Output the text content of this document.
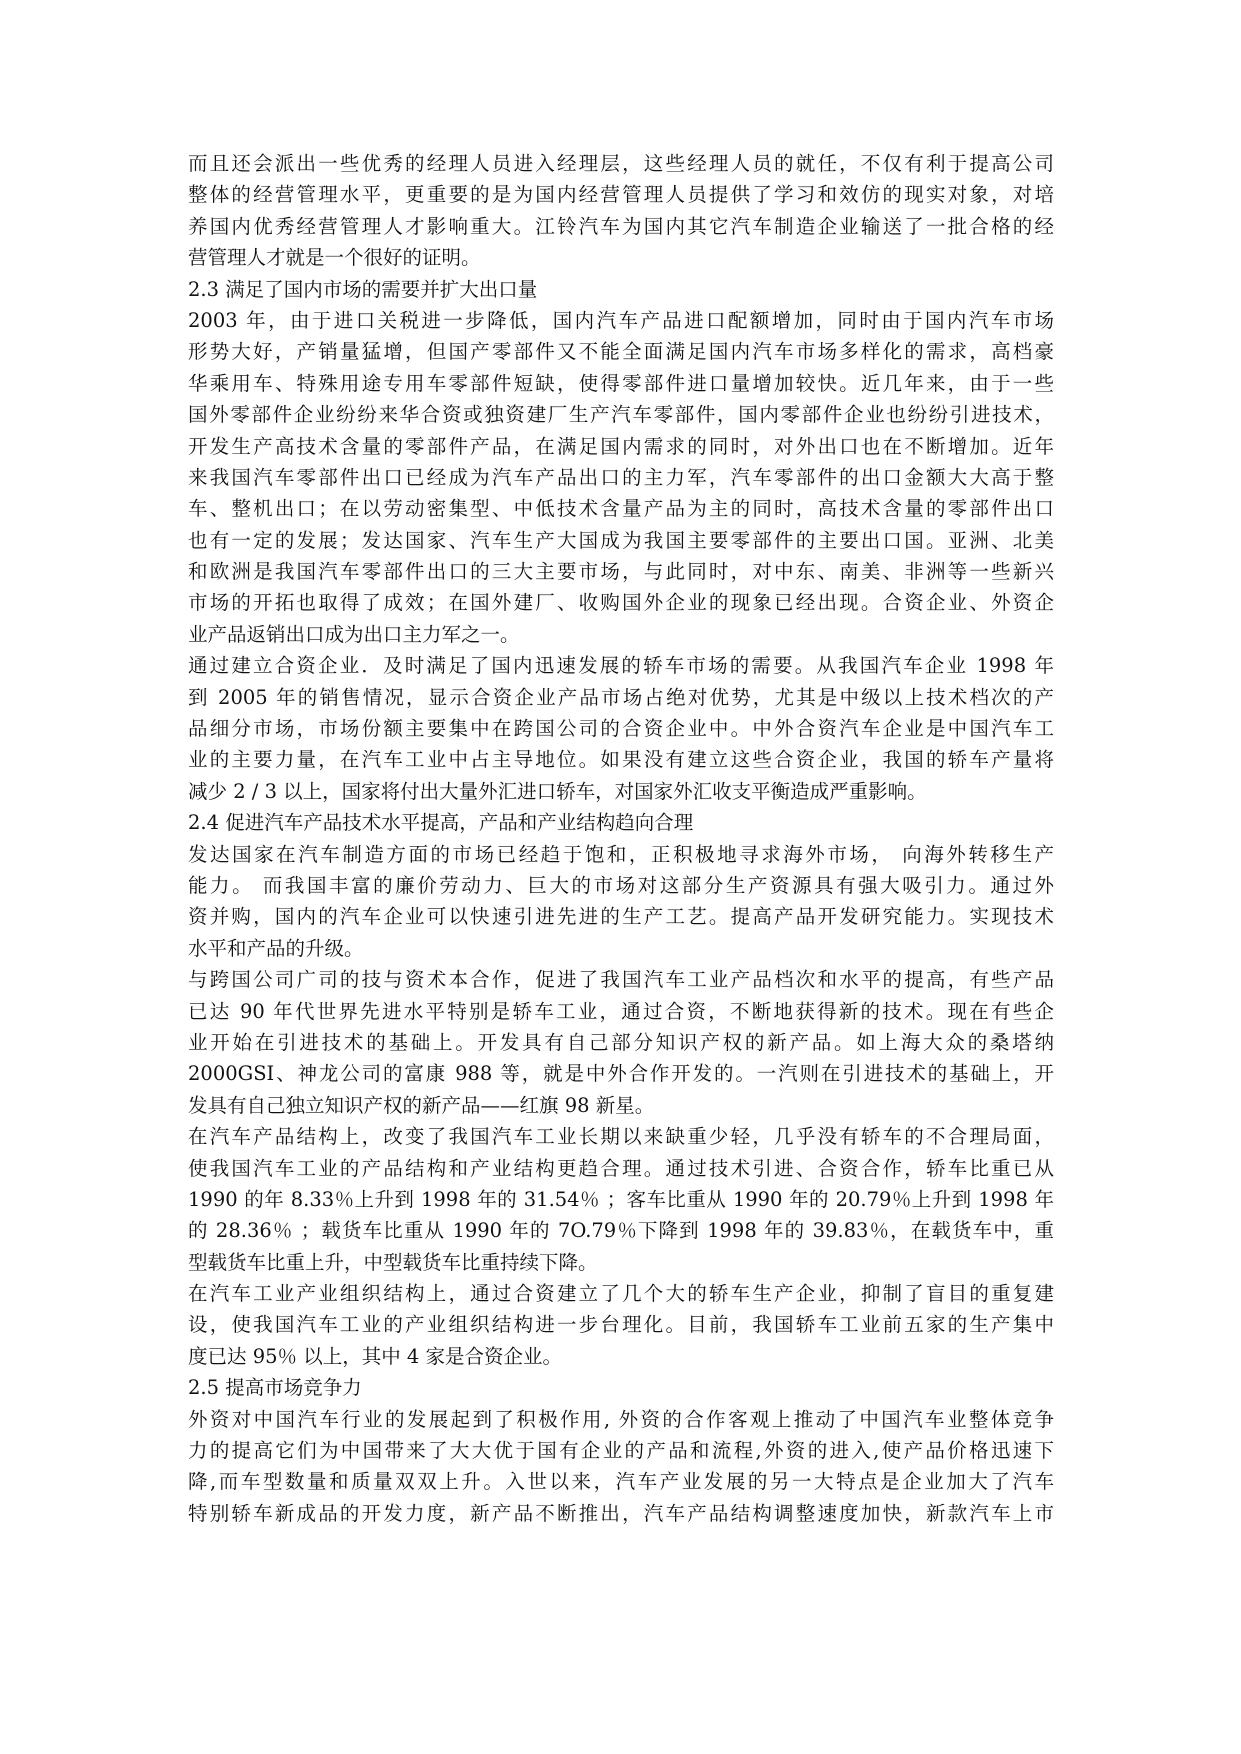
而且还会派出一些优秀的经理人员进入经理层，这些经理人员的就任，不仅有利于提高公司
整体的经营管理水平，更重要的是为国内经营管理人员提供了学习和效仿的现实对象，对培
养国内优秀经营管理人才影响重大。江铃汽车为国内其它汽车制造企业输送了一批合格的经
营管理人才就是一个很好的证明。
2.3 满足了国内市场的需要并扩大出口量
2003 年，由于进口关税进一步降低，国内汽车产品进口配额增加，同时由于国内汽车市场
形势大好，产销量猛增，但国产零部件又不能全面满足国内汽车市场多样化的需求，高档豪
华乘用车、特殊用途专用车零部件短缺，使得零部件进口量增加较快。近几年来，由于一些
国外零部件企业纷纷来华合资或独资建厂生产汽车零部件，国内零部件企业也纷纷引进技术，
开发生产高技术含量的零部件产品，在满足国内需求的同时，对外出口也在不断增加。近年
来我国汽车零部件出口已经成为汽车产品出口的主力军，汽车零部件的出口金额大大高于整
车、整机出口；在以劳动密集型、中低技术含量产品为主的同时，高技术含量的零部件出口
也有一定的发展；发达国家、汽车生产大国成为我国主要零部件的主要出口国。亚洲、北美
和欧洲是我国汽车零部件出口的三大主要市场，与此同时，对中东、南美、非洲等一些新兴
市场的开拓也取得了成效；在国外建厂、收购国外企业的现象已经出现。合资企业、外资企
业产品返销出口成为出口主力军之一。
通过建立合资企业．及时满足了国内迅速发展的轿车市场的需要。从我国汽车企业 1998 年
到 2005 年的销售情况，显示合资企业产品市场占绝对优势，尤其是中级以上技术档次的产
品细分市场，市场份额主要集中在跨国公司的合资企业中。中外合资汽车企业是中国汽车工
业的主要力量，在汽车工业中占主导地位。如果没有建立这些合资企业，我国的轿车产量将
减少 2 / 3 以上，国家将付出大量外汇进口轿车，对国家外汇收支平衡造成严重影响。
2.4 促进汽车产品技术水平提高，产品和产业结构趋向合理
发达国家在汽车制造方面的市场已经趋于饱和，正积极地寻求海外市场， 向海外转移生产
能力。 而我国丰富的廉价劳动力、巨大的市场对这部分生产资源具有强大吸引力。通过外
资并购，国内的汽车企业可以快速引进先进的生产工艺。提高产品开发研究能力。实现技术
水平和产品的升级。
与跨国公司广司的技与资术本合作，促进了我国汽车工业产品档次和水平的提高，有些产品
已达 90 年代世界先进水平特别是轿车工业，通过合资，不断地获得新的技术。现在有些企
业开始在引进技术的基础上。开发具有自己部分知识产权的新产品。如上海大众的桑塔纳
2000GSI、神龙公司的富康 988 等，就是中外合作开发的。一汽则在引进技术的基础上，开
发具有自己独立知识产权的新产品——红旗 98 新星。
在汽车产品结构上，改变了我国汽车工业长期以来缺重少轻，几乎没有轿车的不合理局面，
使我国汽车工业的产品结构和产业结构更趋合理。通过技术引进、合资合作，轿车比重已从
1990 的年 8.33％上升到 1998 年的 31.54％ ；客车比重从 1990 年的 20.79％上升到 1998 年
的 28.36％ ；载货车比重从 1990 年的 7O.79％下降到 1998 年的 39.83％，在载货车中，重
型载货车比重上升，中型载货车比重持续下降。
在汽车工业产业组织结构上，通过合资建立了几个大的轿车生产企业，抑制了盲目的重复建
设，使我国汽车工业的产业组织结构进一步台理化。目前，我国轿车工业前五家的生产集中
度已达 95％ 以上，其中 4 家是合资企业。
2.5 提高市场竞争力
外资对中国汽车行业的发展起到了积极作用, 外资的合作客观上推动了中国汽车业整体竞争
力的提高它们为中国带来了大大优于国有企业的产品和流程,外资的进入,使产品价格迅速下
降,而车型数量和质量双双上升。入世以来，汽车产业发展的另一大特点是企业加大了汽车
特别轿车新成品的开发力度，新产品不断推出，汽车产品结构调整速度加快，新款汽车上市
